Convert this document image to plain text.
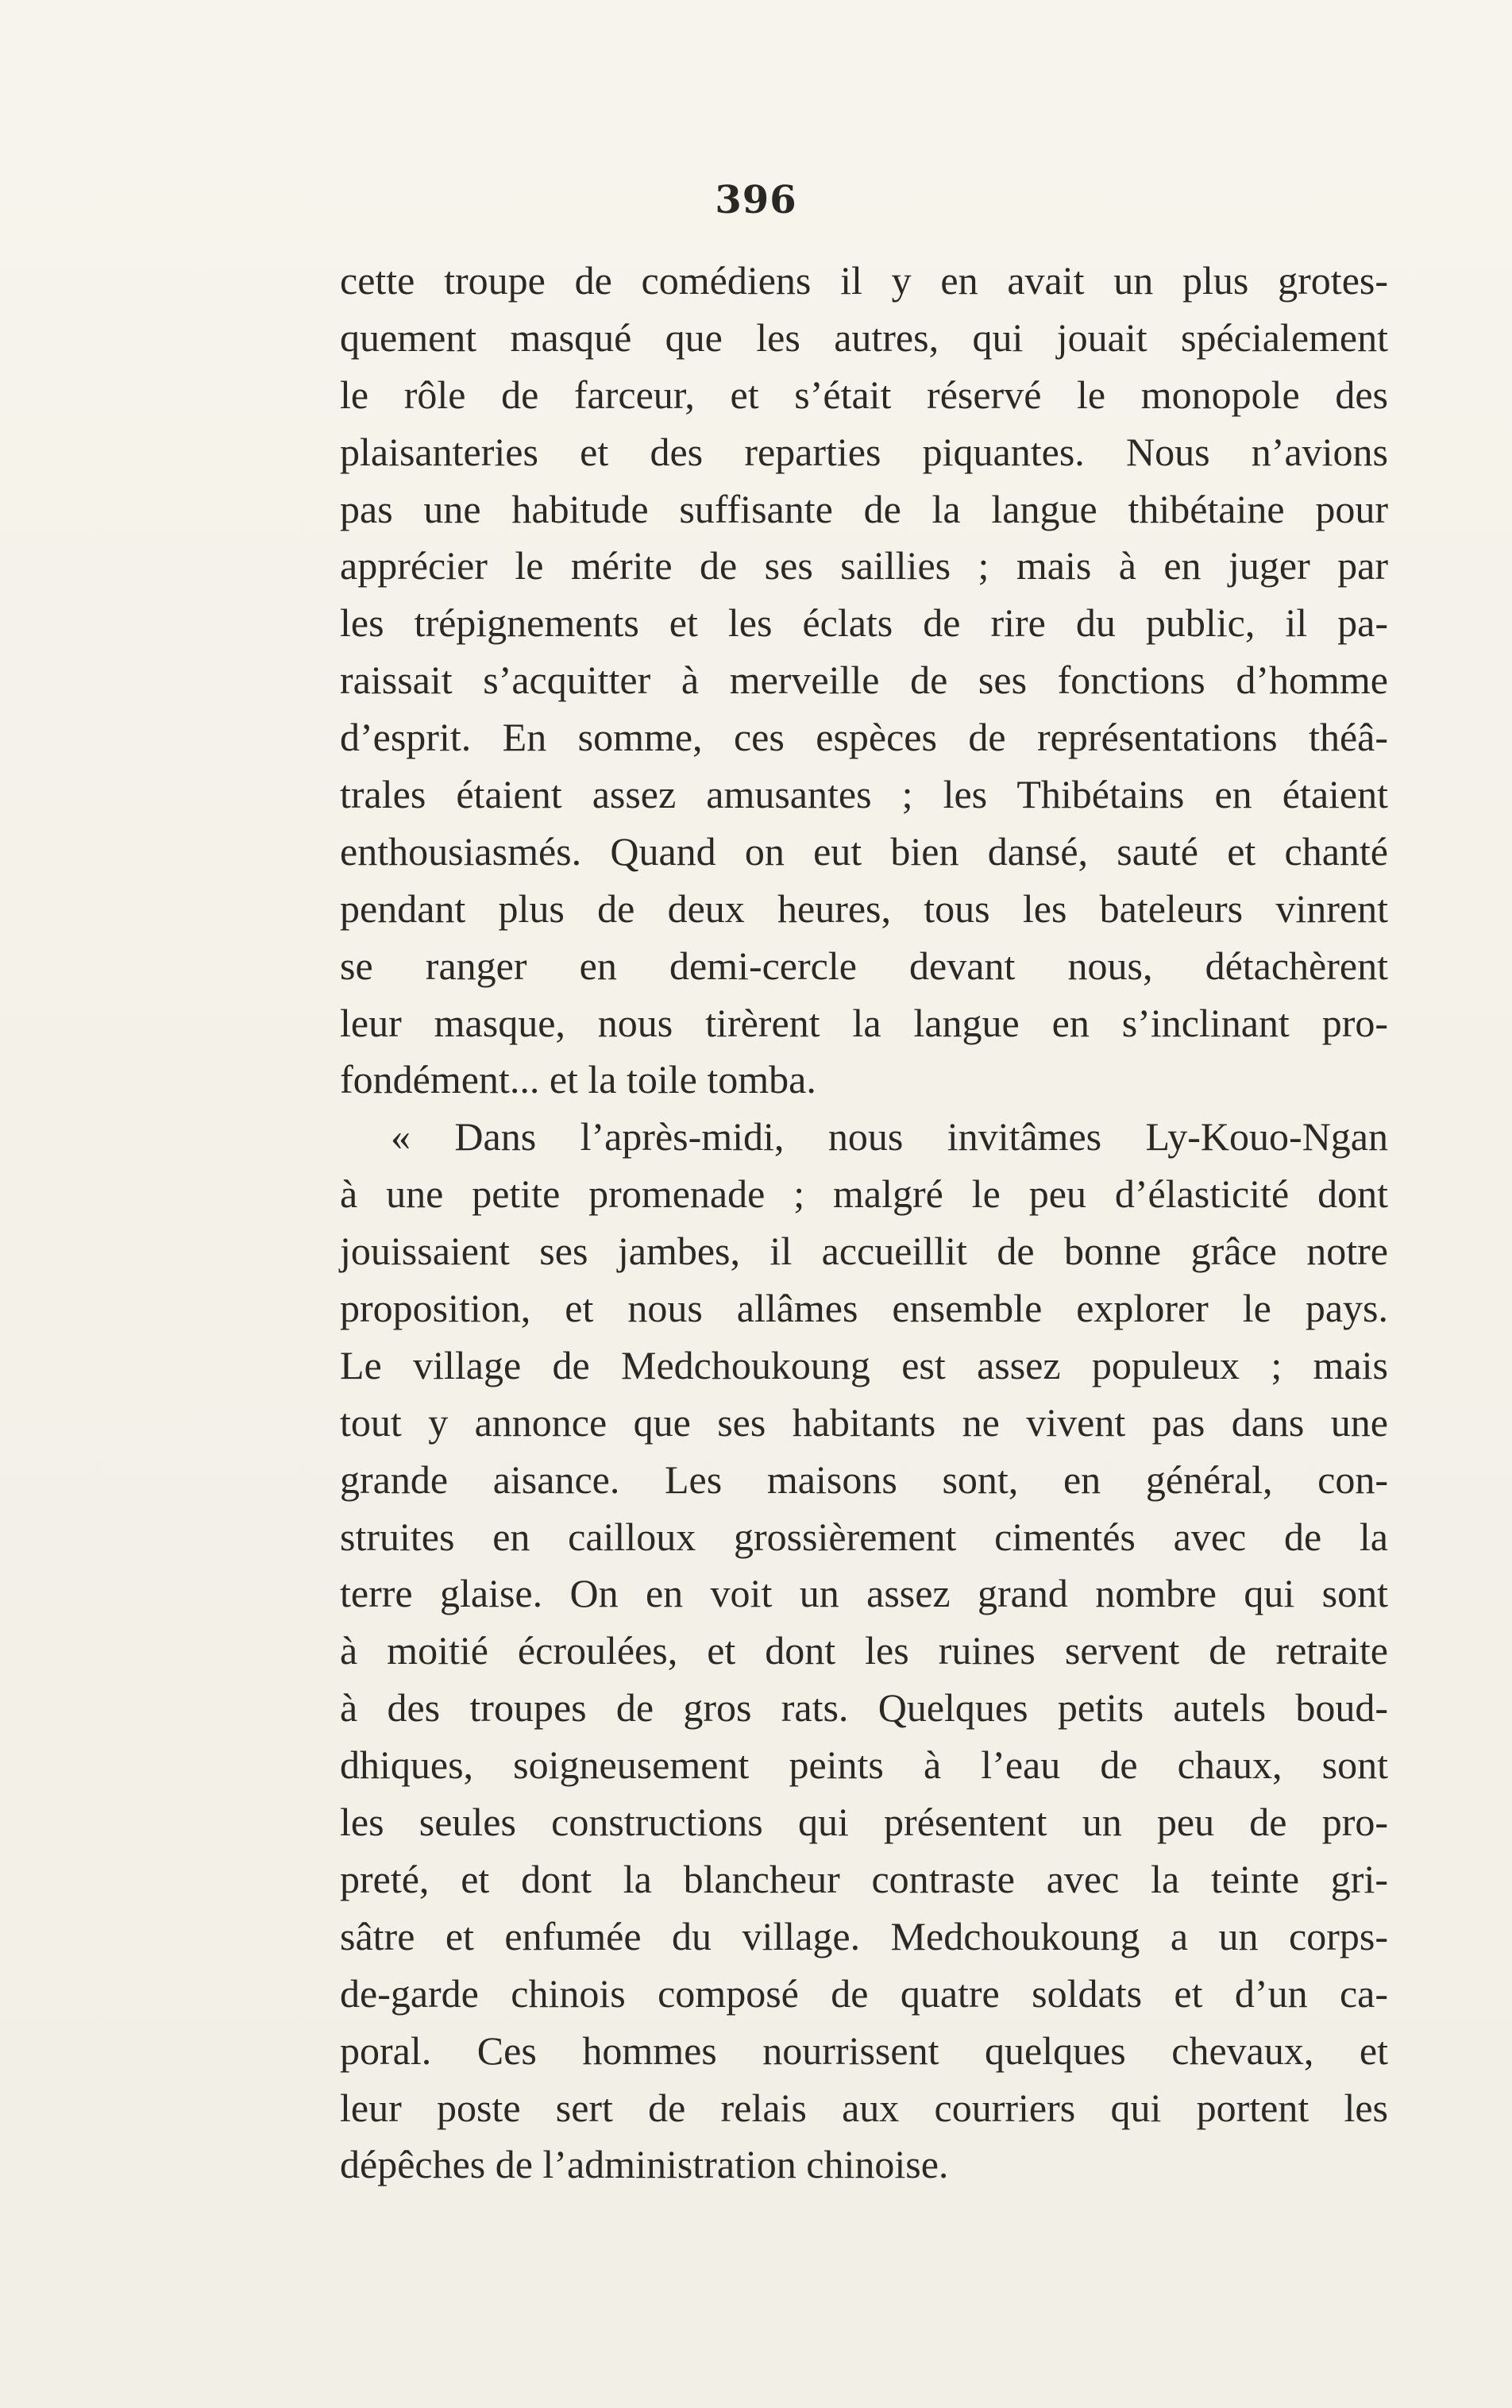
396
cette troupe de comédiens il y en avait un plus grotes-
quement masqué que les autres, qui jouait spécialement
le rôle de farceur, et s’était réservé le monopole des
plaisanteries et des reparties piquantes. Nous n’avions
pas une habitude suffisante de la langue thibétaine pour
apprécier le mérite de ses saillies ; mais à en juger par
les trépignements et les éclats de rire du public, il pa-
raissait s’acquitter à merveille de ses fonctions d’homme
d’esprit. En somme, ces espèces de représentations théâ-
trales étaient assez amusantes ; les Thibétains en étaient
enthousiasmés. Quand on eut bien dansé, sauté et chanté
pendant plus de deux heures, tous les bateleurs vinrent
se ranger en demi-cercle devant nous, détachèrent
leur masque, nous tirèrent la langue en s’inclinant pro-
fondément... et la toile tomba.
« Dans l’après-midi, nous invitâmes Ly-Kouo-Ngan
à une petite promenade ; malgré le peu d’élasticité dont
jouissaient ses jambes, il accueillit de bonne grâce notre
proposition, et nous allâmes ensemble explorer le pays.
Le village de Medchoukoung est assez populeux ; mais
tout y annonce que ses habitants ne vivent pas dans une
grande aisance. Les maisons sont, en général, con-
struites en cailloux grossièrement cimentés avec de la
terre glaise. On en voit un assez grand nombre qui sont
à moitié écroulées, et dont les ruines servent de retraite
à des troupes de gros rats. Quelques petits autels boud-
dhiques, soigneusement peints à l’eau de chaux, sont
les seules constructions qui présentent un peu de pro-
preté, et dont la blancheur contraste avec la teinte gri-
sâtre et enfumée du village. Medchoukoung a un corps-
de-garde chinois composé de quatre soldats et d’un ca-
poral. Ces hommes nourrissent quelques chevaux, et
leur poste sert de relais aux courriers qui portent les
dépêches de l’administration chinoise.
